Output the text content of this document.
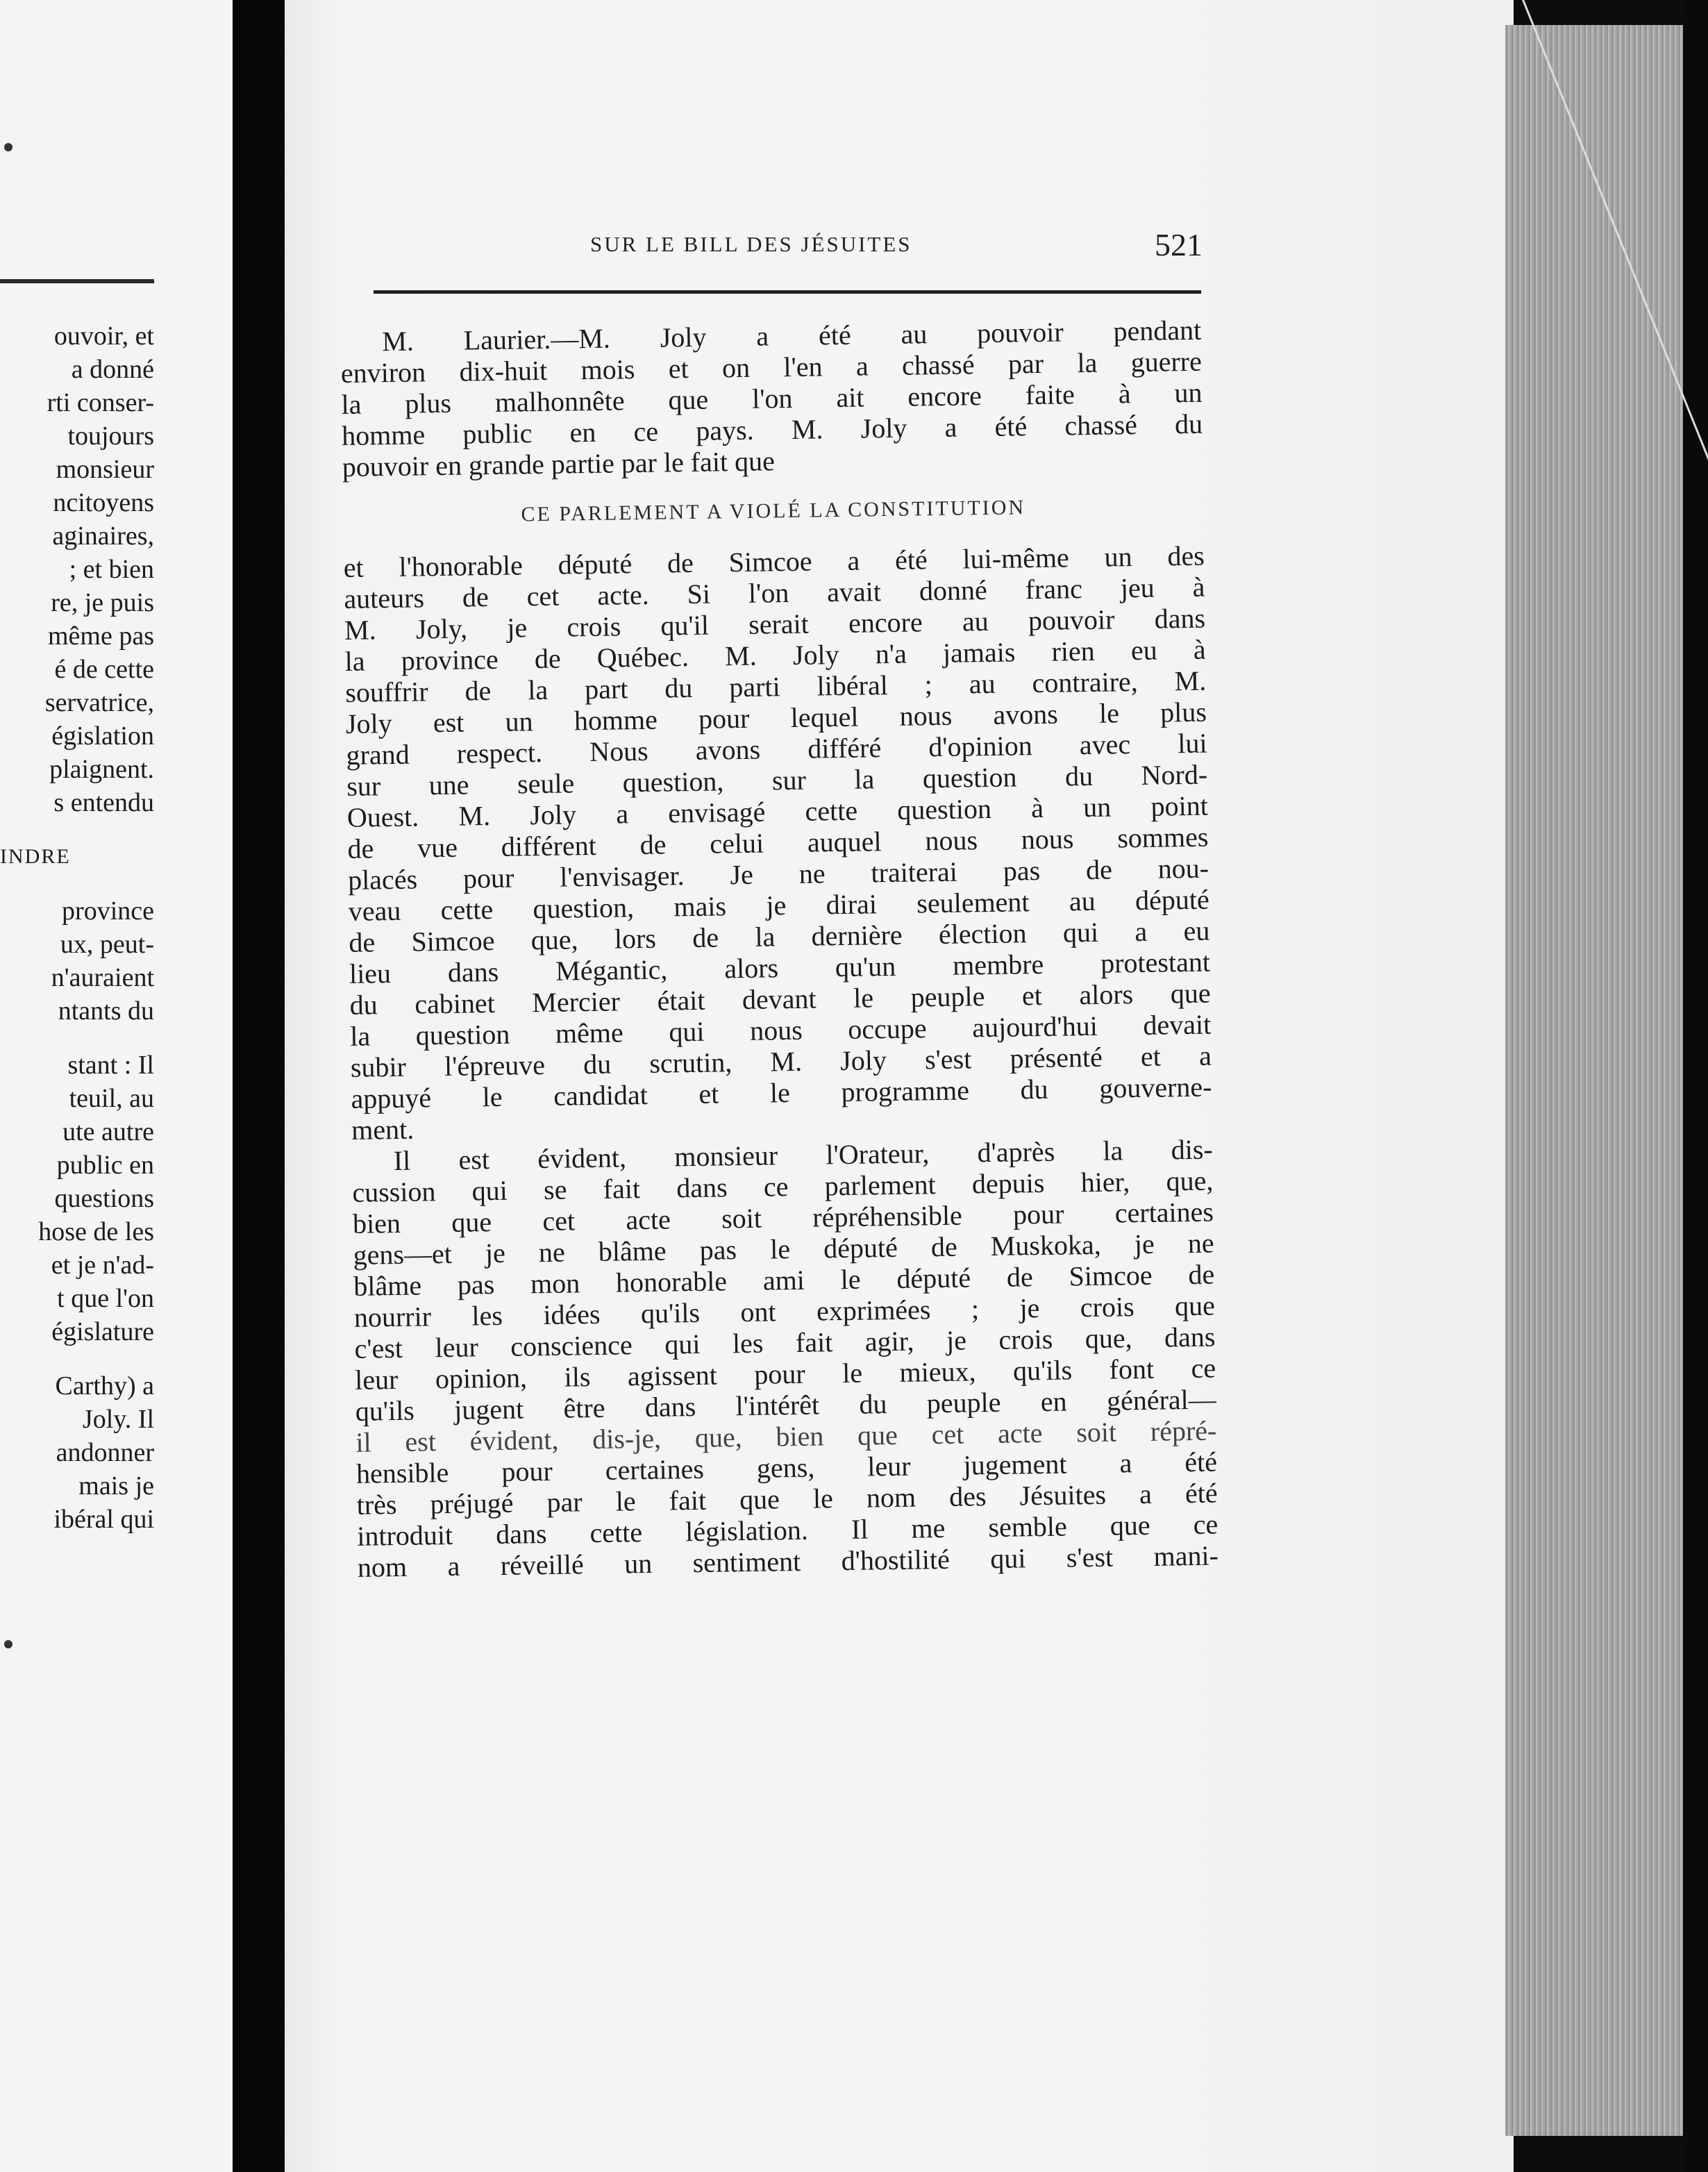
ouvoir, et
a donné
rti conser-
toujours
monsieur
ncitoyens
aginaires,
; et bien
re, je puis
même pas
é de cette
servatrice,
égislation
plaignent.
s entendu
INDRE
province
ux, peut-
n'auraient
ntants du
stant : Il
teuil, au
ute autre
public en
questions
hose de les
et je n'ad-
t que l'on
égislature
Carthy) a
Joly. Il
andonner
mais je
ibéral qui
SUR LE BILL DES JÉSUITES	521
M. Laurier.—M. Joly a été au pouvoir pendant
environ dix-huit mois et on l'en a chassé par la guerre
la plus malhonnête que l'on ait encore faite à un
homme public en ce pays. M. Joly a été chassé du
pouvoir en grande partie par le fait que
CE PARLEMENT A VIOLÉ LA CONSTITUTION
et l'honorable député de Simcoe a été lui-même un des
auteurs de cet acte. Si l'on avait donné franc jeu à
M. Joly, je crois qu'il serait encore au pouvoir dans
la province de Québec. M. Joly n'a jamais rien eu à
souffrir de la part du parti libéral ; au contraire, M.
Joly est un homme pour lequel nous avons le plus
grand respect. Nous avons différé d'opinion avec lui
sur une seule question, sur la question du Nord-
Ouest. M. Joly a envisagé cette question à un point
de vue différent de celui auquel nous nous sommes
placés pour l'envisager. Je ne traiterai pas de nou-
veau cette question, mais je dirai seulement au député
de Simcoe que, lors de la dernière élection qui a eu
lieu dans Mégantic, alors qu'un membre protestant
du cabinet Mercier était devant le peuple et alors que
la question même qui nous occupe aujourd'hui devait
subir l'épreuve du scrutin, M. Joly s'est présenté et a
appuyé le candidat et le programme du gouverne-
ment.
Il est évident, monsieur l'Orateur, d'après la dis-
cussion qui se fait dans ce parlement depuis hier, que,
bien que cet acte soit répréhensible pour certaines
gens—et je ne blâme pas le député de Muskoka, je ne
blâme pas mon honorable ami le député de Simcoe de
nourrir les idées qu'ils ont exprimées ; je crois que
c'est leur conscience qui les fait agir, je crois que, dans
leur opinion, ils agissent pour le mieux, qu'ils font ce
qu'ils jugent être dans l'intérêt du peuple en général—
il est évident, dis-je, que, bien que cet acte soit répré-
hensible pour certaines gens, leur jugement a été
très préjugé par le fait que le nom des Jésuites a été
introduit dans cette législation. Il me semble que ce
nom a réveillé un sentiment d'hostilité qui s'est mani-
